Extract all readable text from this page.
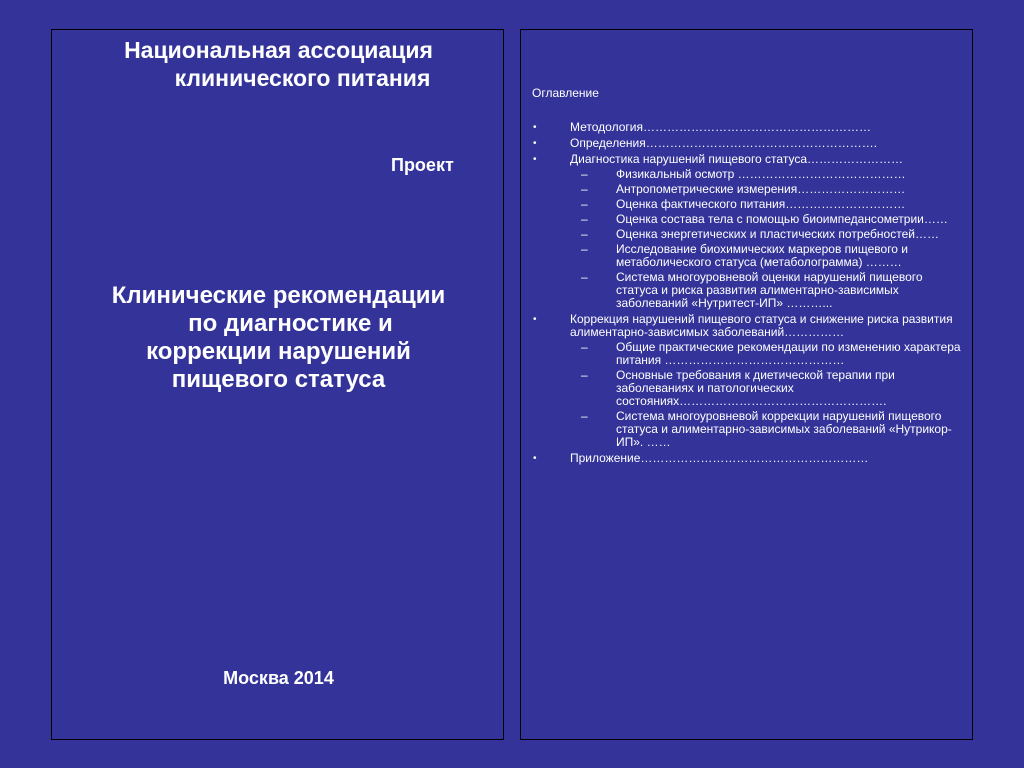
Национальная ассоциация
клинического питания
Проект
Клинические рекомендации
по диагностике и
коррекции нарушений
пищевого статуса
Москва 2014
Оглавление
•	Методология…………………………………………………
•	Определения………………………………………………….
•	Диагностика нарушений пищевого статуса……………………
– Физикальный осмотр ……………………………………
– Антропометрические измерения………………………
– Оценка фактического питания…………………………
– Оценка состава тела с помощью биоимпедансометрии……
– Оценка энергетических и пластических потребностей……
– Исследование биохимических маркеров пищевого и метаболического статуса (метаболограмма) ………
– Система многоуровневой оценки нарушений пищевого статуса и риска развития алиментарно-зависимых заболеваний «Нутритест-ИП» ………...
•	Коррекция нарушений пищевого статуса и снижение риска развития алиментарно-зависимых заболеваний……………
– Общие практические рекомендации по изменению характера питания ………………………………………
– Основные требования к диетической терапии при заболеваниях и патологических состояниях…………………………………………….
– Система многоуровневой коррекции нарушений пищевого статуса и алиментарно-зависимых заболеваний «Нутрикор-ИП». ……
•	Приложение…………………………………………………
